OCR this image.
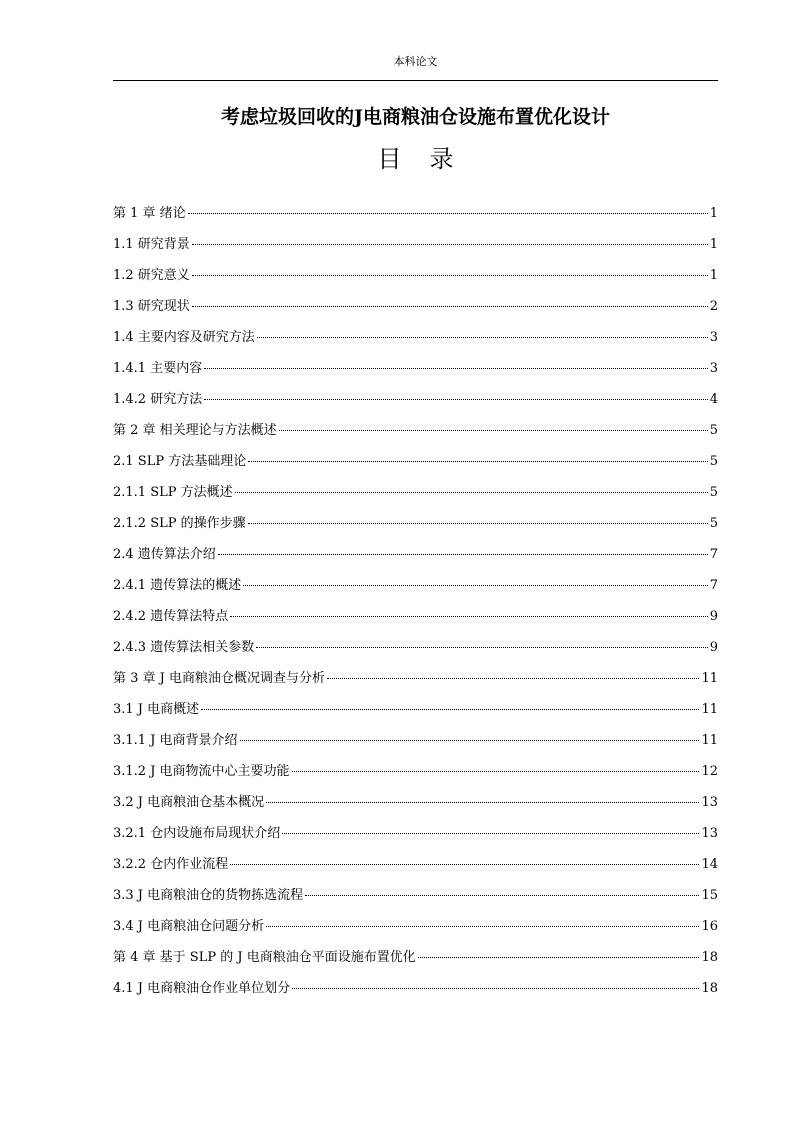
本科论文
考虑垃圾回收的J电商粮油仓设施布置优化设计
目录
第 1 章 绪论	1
1.1 研究背景	1
1.2 研究意义	1
1.3 研究现状	2
1.4 主要内容及研究方法	3
1.4.1 主要内容	3
1.4.2 研究方法	4
第 2 章 相关理论与方法概述	5
2.1 SLP 方法基础理论	5
2.1.1 SLP 方法概述	5
2.1.2 SLP 的操作步骤	5
2.4 遗传算法介绍	7
2.4.1 遗传算法的概述	7
2.4.2 遗传算法特点	9
2.4.3 遗传算法相关参数	9
第 3 章 J 电商粮油仓概况调查与分析	11
3.1 J 电商概述	11
3.1.1 J 电商背景介绍	11
3.1.2 J 电商物流中心主要功能	12
3.2 J 电商粮油仓基本概况	13
3.2.1 仓内设施布局现状介绍	13
3.2.2 仓内作业流程	14
3.3 J 电商粮油仓的货物拣选流程	15
3.4 J 电商粮油仓问题分析	16
第 4 章 基于 SLP 的 J 电商粮油仓平面设施布置优化	18
4.1 J 电商粮油仓作业单位划分	18
